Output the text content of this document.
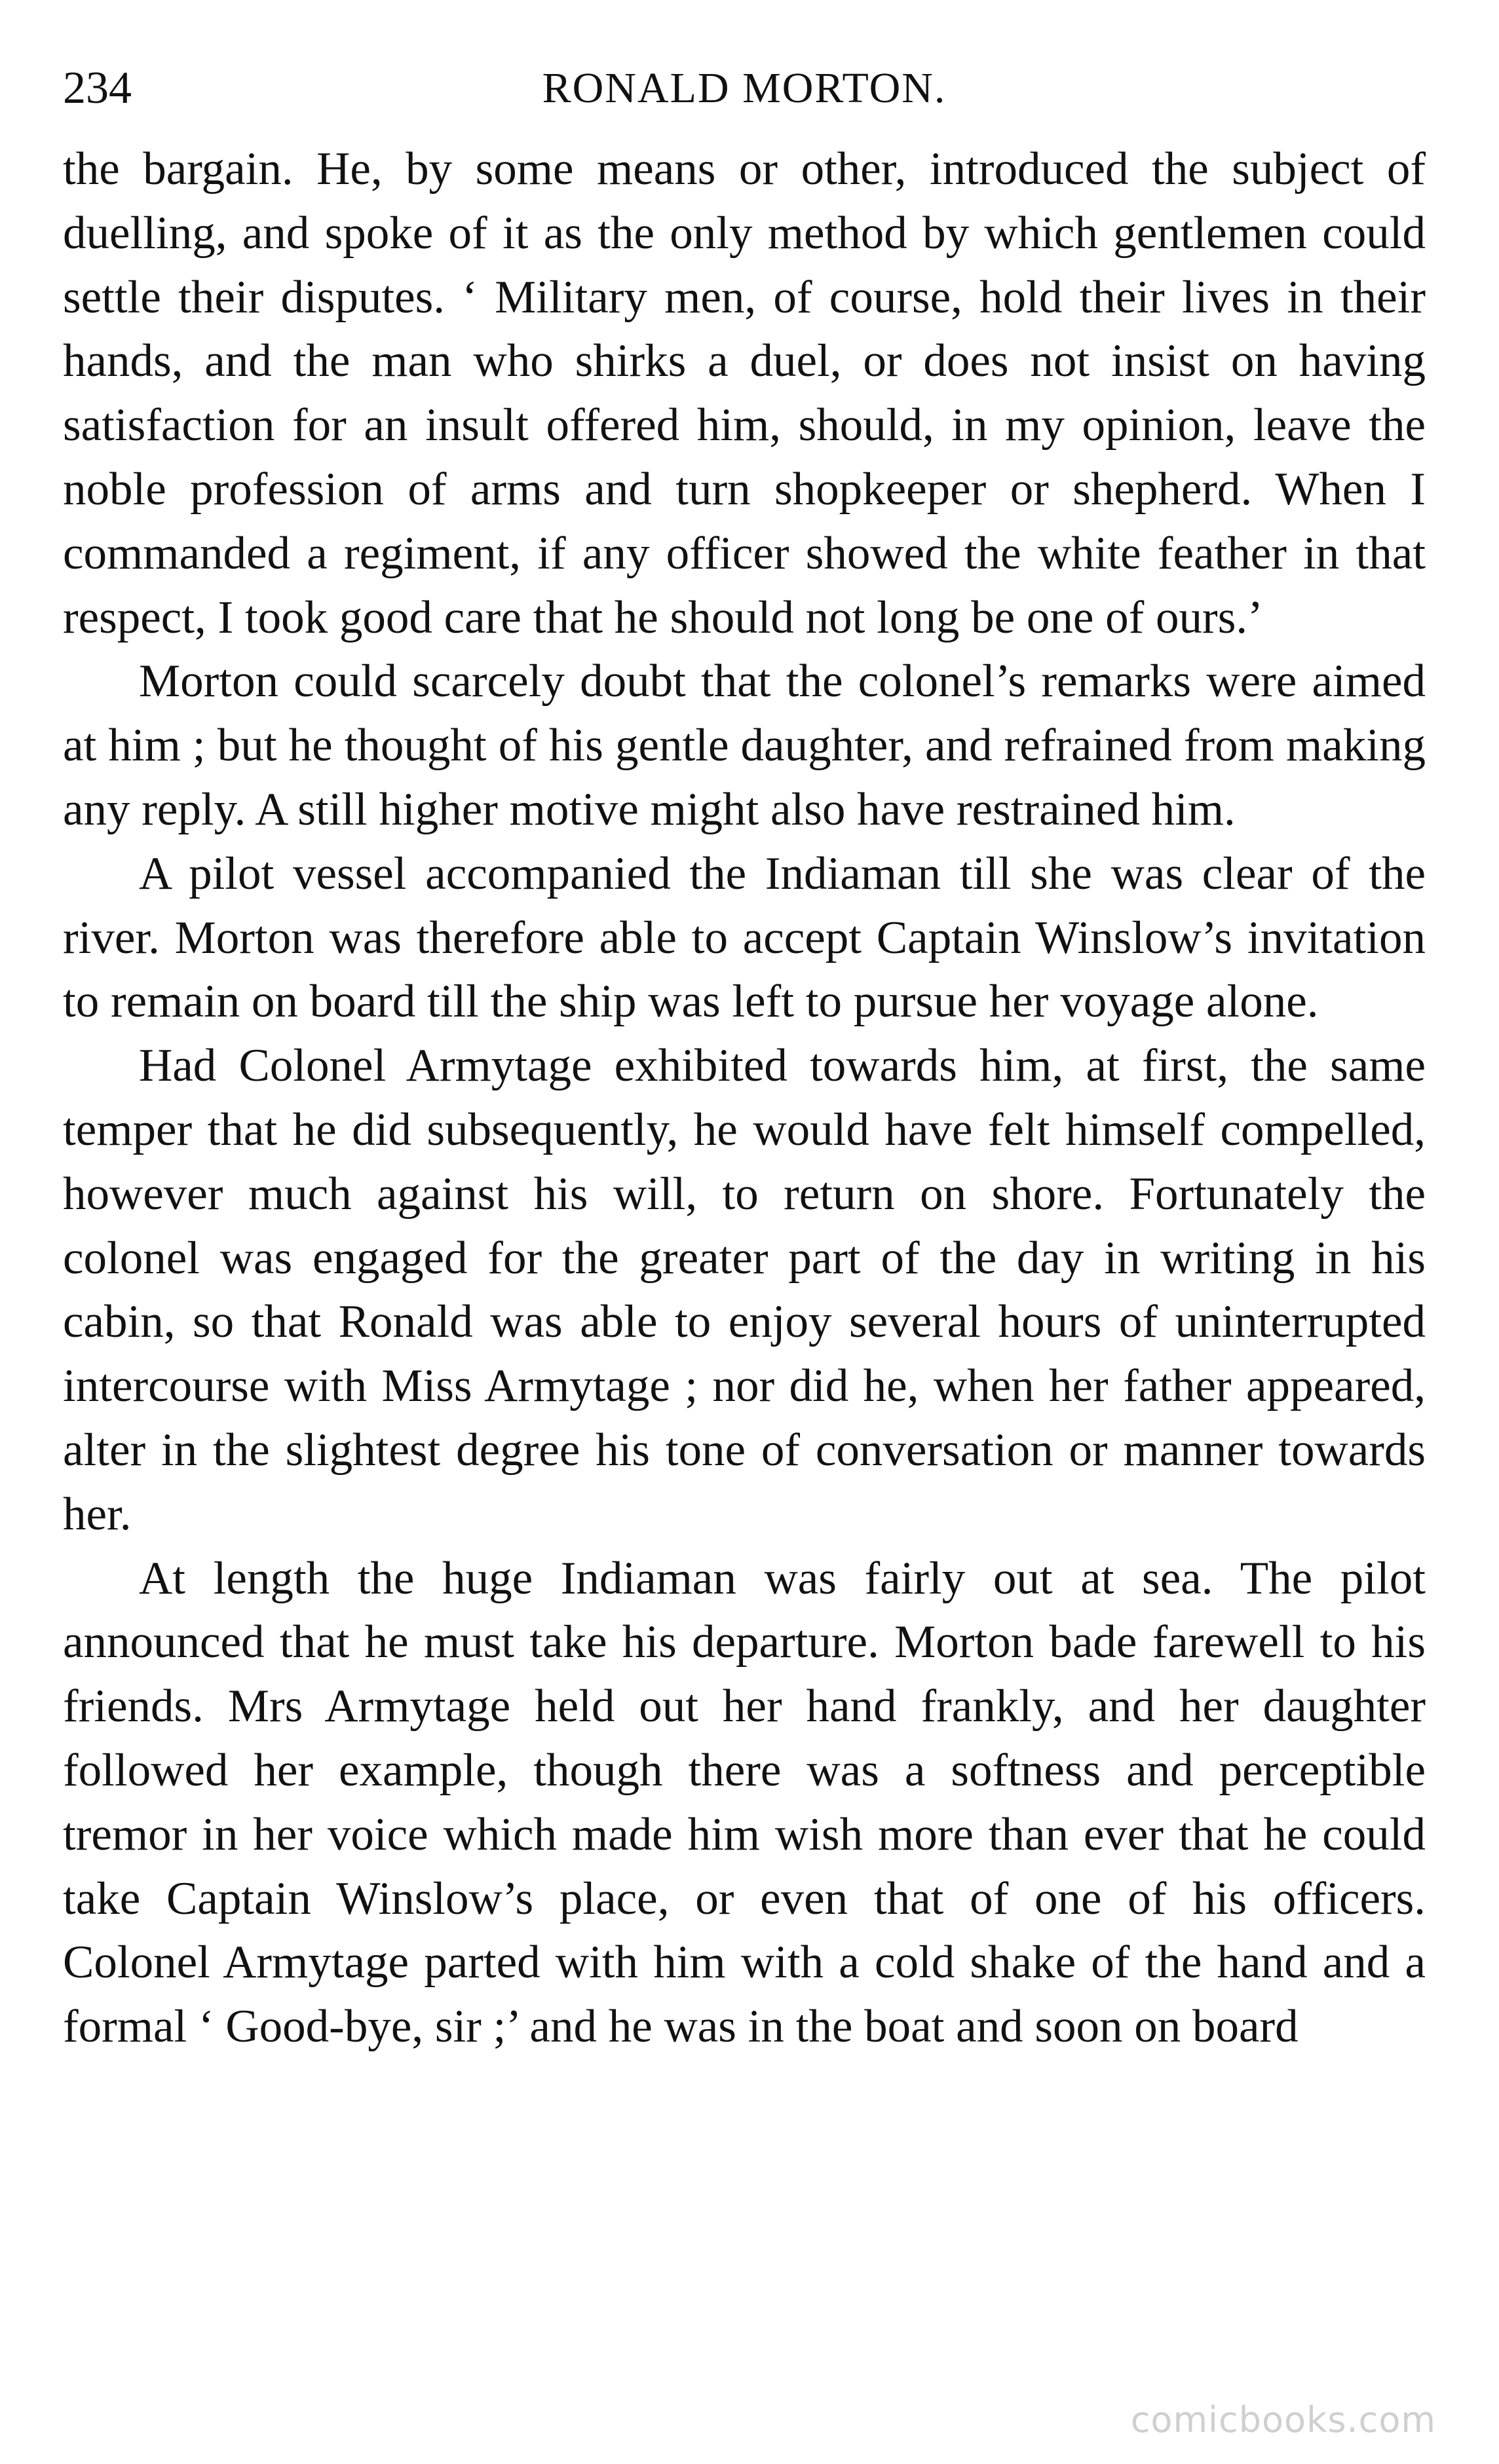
234	RONALD MORTON.

the bargain. He, by some means or other, introduced the subject of duelling, and spoke of it as the only method by which gentlemen could settle their disputes. ‘ Military men, of course, hold their lives in their hands, and the man who shirks a duel, or does not insist on having satisfaction for an insult offered him, should, in my opinion, leave the noble profession of arms and turn shopkeeper or shepherd. When I commanded a regiment, if any officer showed the white feather in that respect, I took good care that he should not long be one of ours.’

Morton could scarcely doubt that the colonel’s remarks were aimed at him ; but he thought of his gentle daughter, and refrained from making any reply. A still higher motive might also have restrained him.

A pilot vessel accompanied the Indiaman till she was clear of the river. Morton was therefore able to accept Captain Winslow’s invitation to remain on board till the ship was left to pursue her voyage alone.

Had Colonel Armytage exhibited towards him, at first, the same temper that he did subsequently, he would have felt himself compelled, however much against his will, to return on shore. Fortunately the colonel was engaged for the greater part of the day in writing in his cabin, so that Ronald was able to enjoy several hours of uninterrupted intercourse with Miss Armytage ; nor did he, when her father appeared, alter in the slightest degree his tone of conversation or manner towards her.

At length the huge Indiaman was fairly out at sea. The pilot announced that he must take his departure. Morton bade farewell to his friends. Mrs Armytage held out her hand frankly, and her daughter followed her example, though there was a softness and perceptible tremor in her voice which made him wish more than ever that he could take Captain Winslow’s place, or even that of one of his officers. Colonel Armytage parted with him with a cold shake of the hand and a formal ‘ Good-bye, sir ;’ and he was in the boat and soon on board

comicbooks.com
